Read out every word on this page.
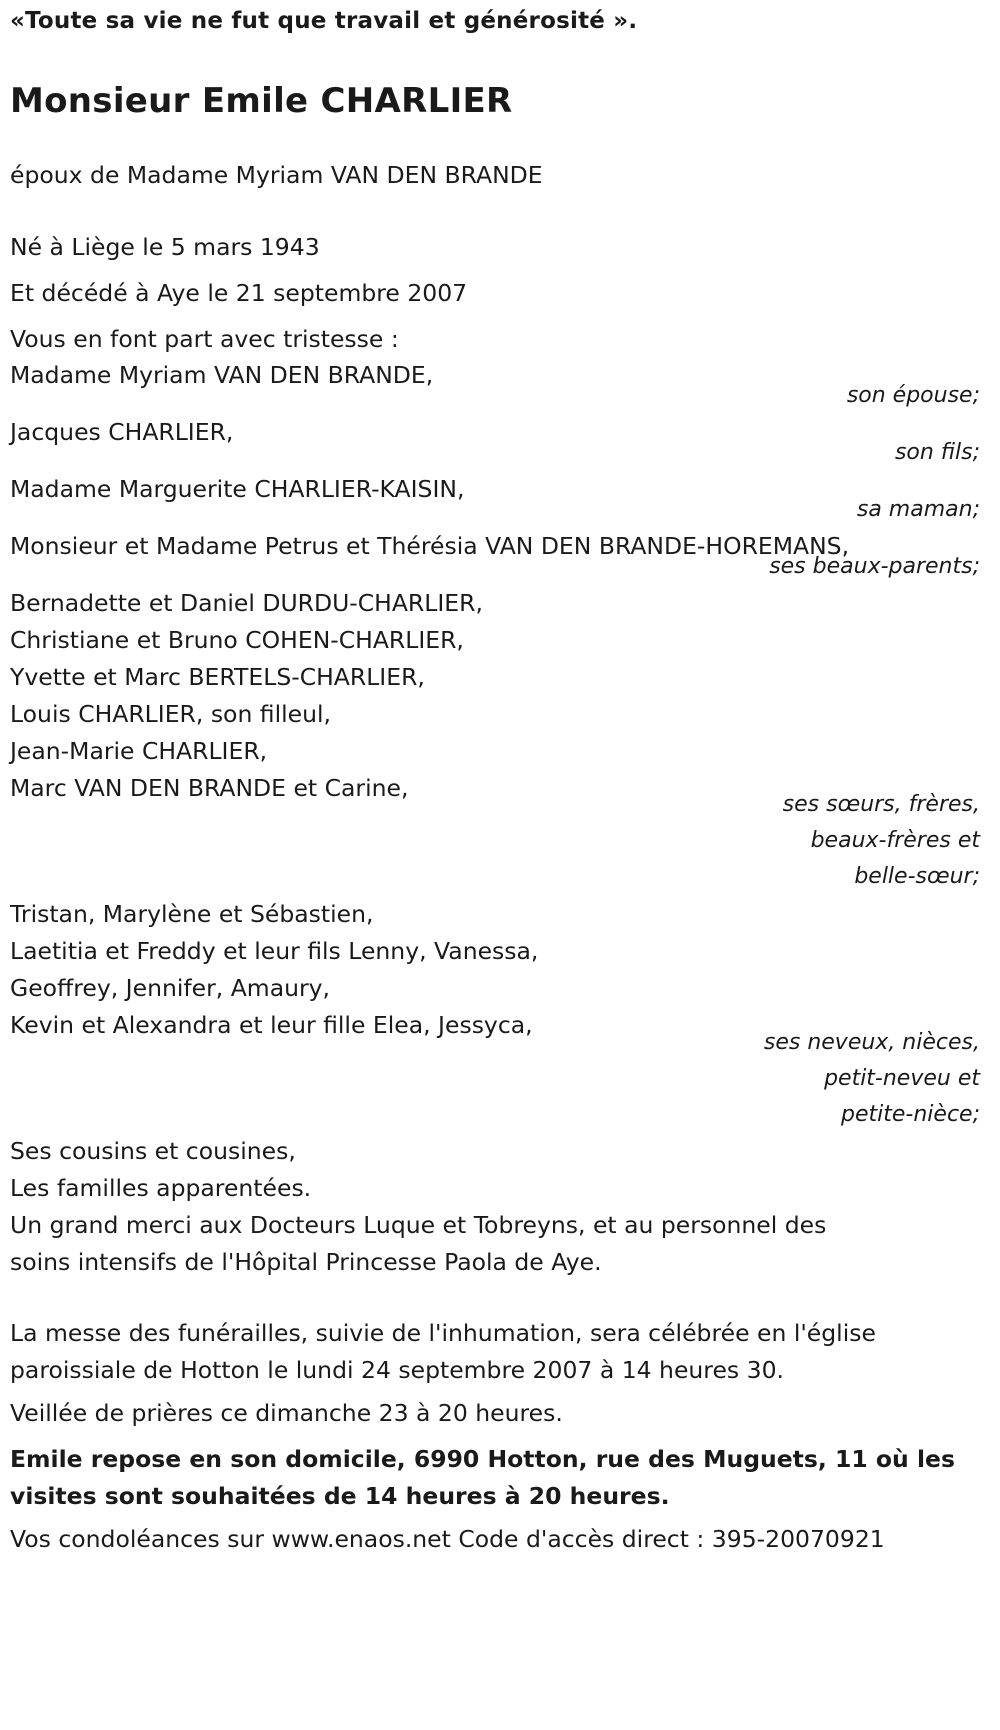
«Toute sa vie ne fut que travail et générosité ».
Monsieur Emile CHARLIER
époux de Madame Myriam VAN DEN BRANDE
Né à Liège le 5 mars 1943
Et décédé à Aye le 21 septembre 2007
Vous en font part avec tristesse :
Madame Myriam VAN DEN BRANDE,
son épouse;
Jacques CHARLIER,
son fils;
Madame Marguerite CHARLIER-KAISIN,
sa maman;
Monsieur et Madame Petrus et Thérésia VAN DEN BRANDE-HOREMANS,
ses beaux-parents;
Bernadette et Daniel DURDU-CHARLIER,
Christiane et Bruno COHEN-CHARLIER,
Yvette et Marc BERTELS-CHARLIER,
Louis CHARLIER, son filleul,
Jean-Marie CHARLIER,
Marc VAN DEN BRANDE et Carine,
ses sœurs, frères,
beaux-frères et
belle-sœur;
Tristan, Marylène et Sébastien,
Laetitia et Freddy et leur fils Lenny, Vanessa,
Geoffrey, Jennifer, Amaury,
Kevin et Alexandra et leur fille Elea, Jessyca,
ses neveux, nièces,
petit-neveu et
petite-nièce;
Ses cousins et cousines,
Les familles apparentées.
Un grand merci aux Docteurs Luque et Tobreyns, et au personnel des
soins intensifs de l'Hôpital Princesse Paola de Aye.
La messe des funérailles, suivie de l'inhumation, sera célébrée en l'église
paroissiale de Hotton le lundi 24 septembre 2007 à 14 heures 30.
Veillée de prières ce dimanche 23 à 20 heures.
Emile repose en son domicile, 6990 Hotton, rue des Muguets, 11 où les
visites sont souhaitées de 14 heures à 20 heures.
Vos condoléances sur www.enaos.net Code d'accès direct : 395-20070921
